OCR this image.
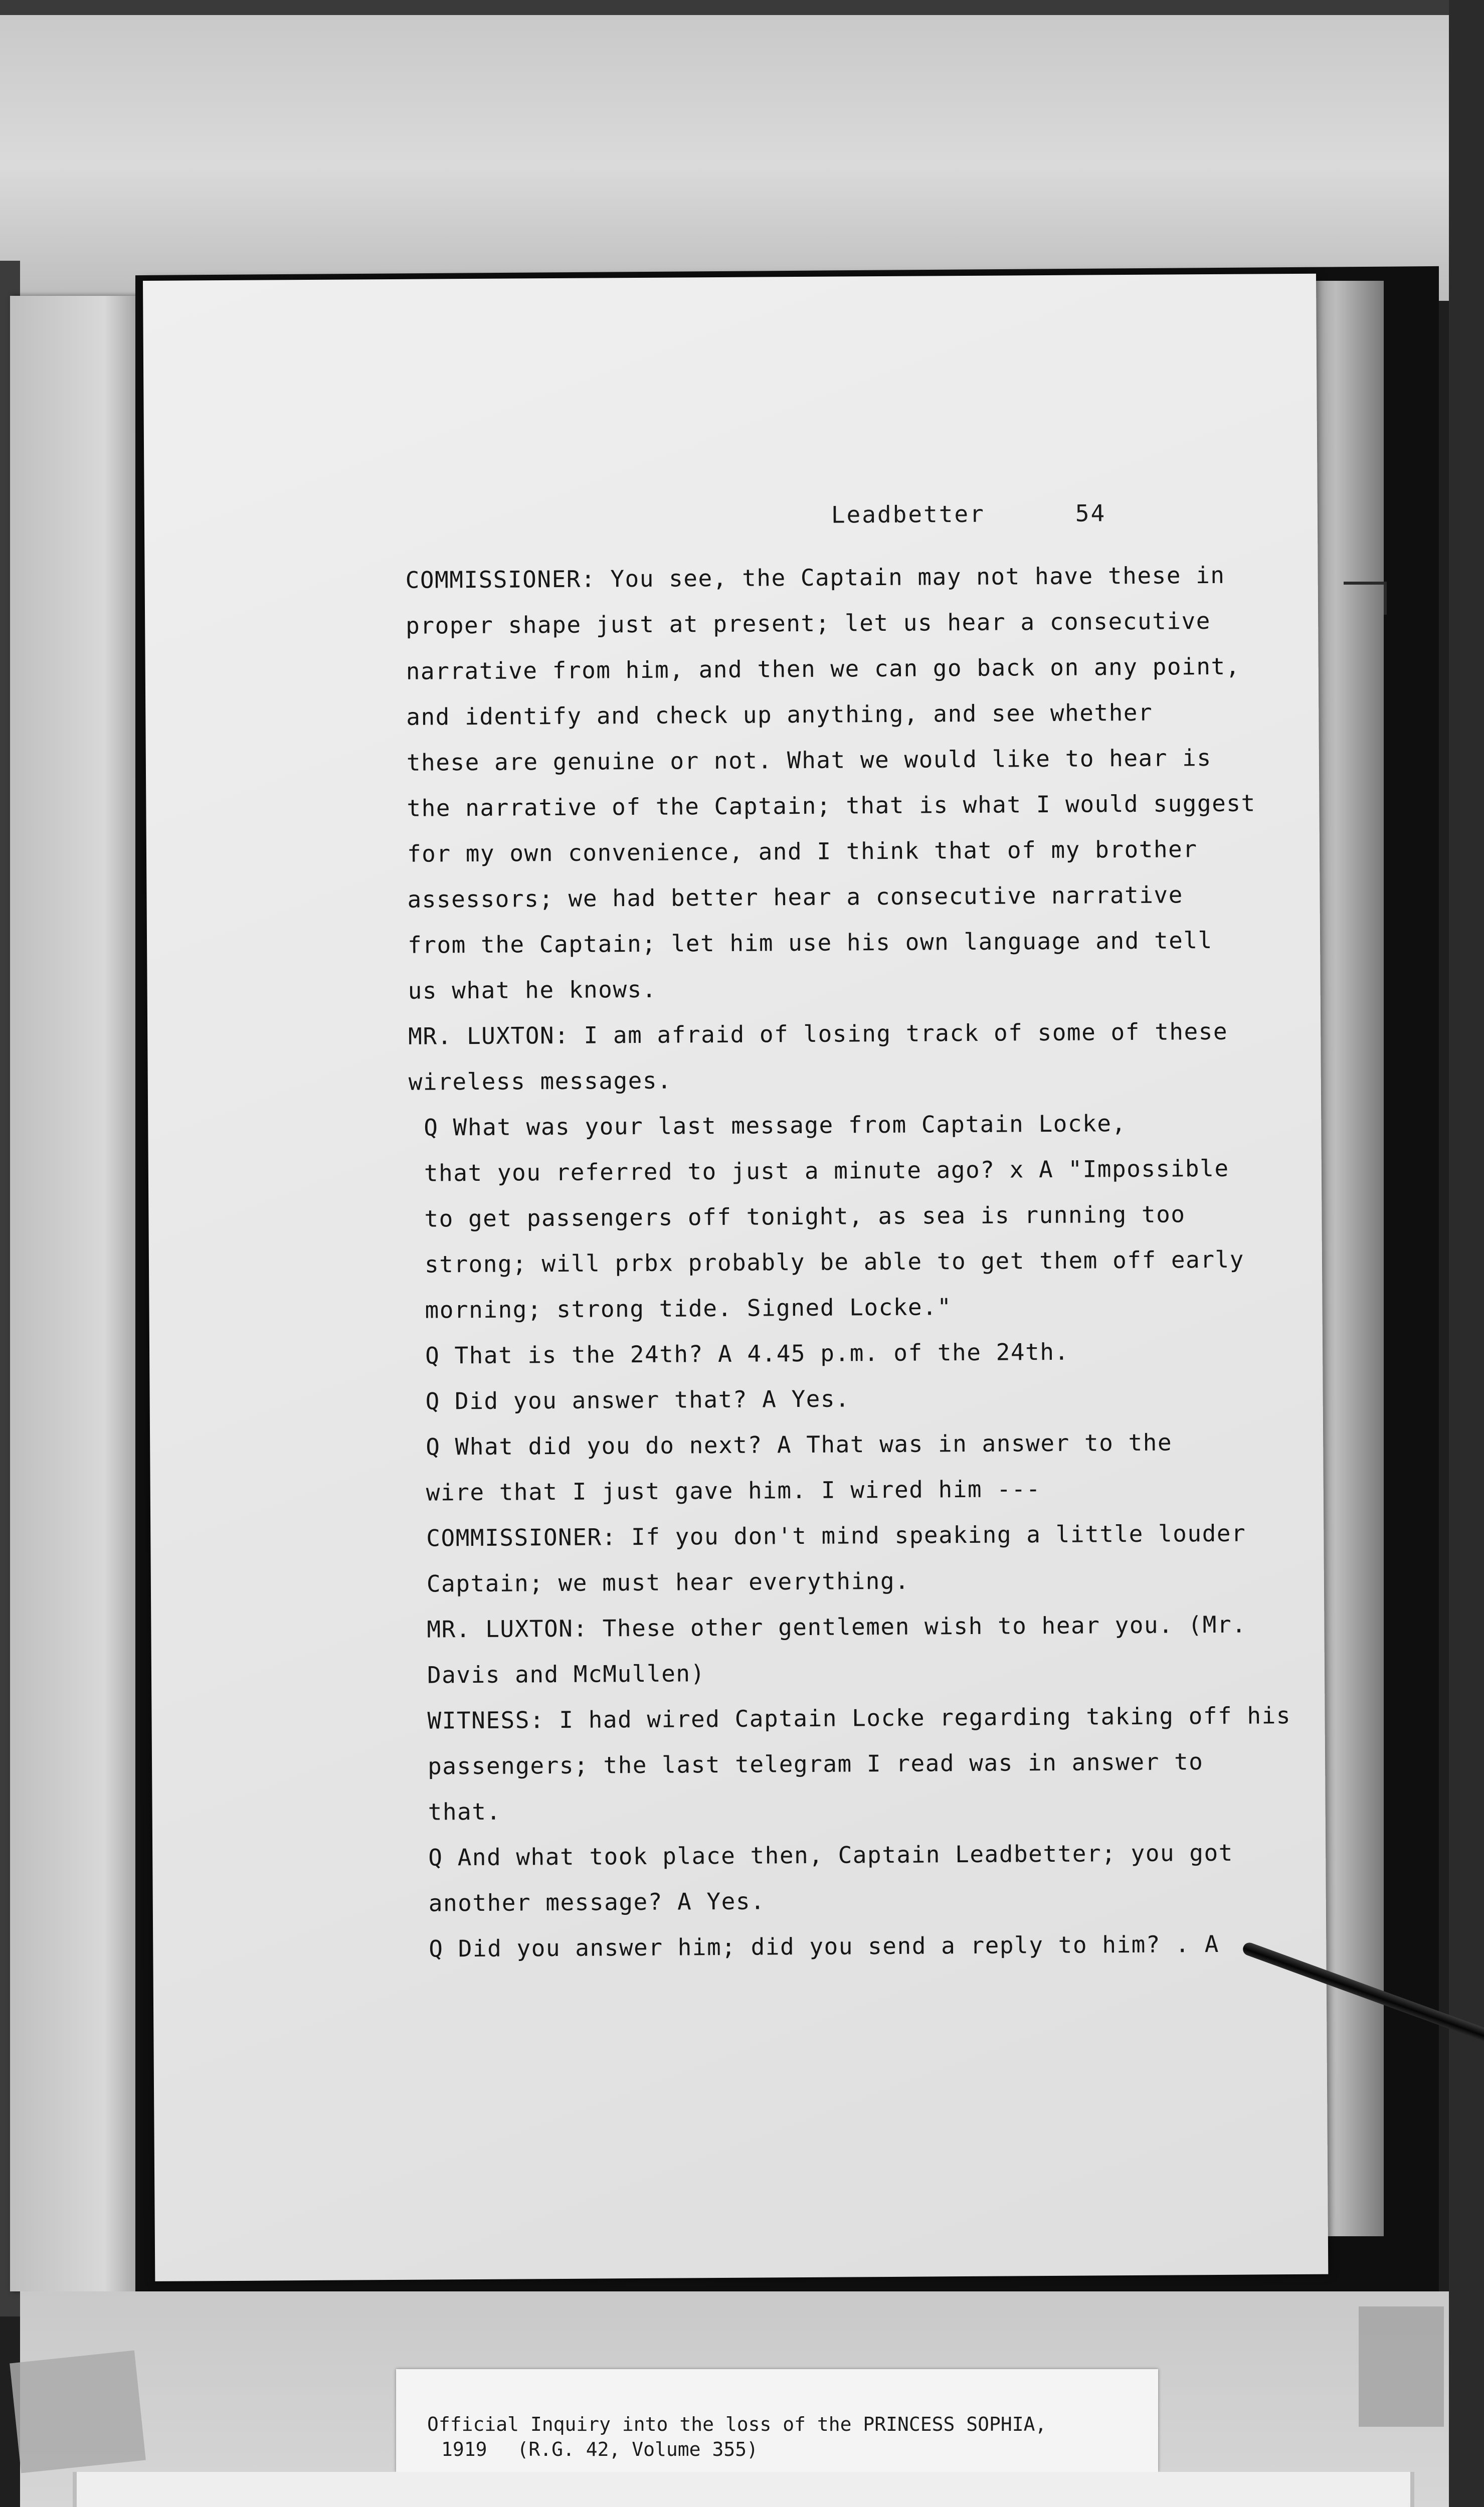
Leadbetter	54
COMMISSIONER: You see, the Captain may not have these in
proper shape just at present; let us hear a consecutive
narrative from him, and then we can go back on any point,
and identify and check up anything, and see whether
these are genuine or not. What we would like to hear is
the narrative of the Captain; that is what I would suggest
for my own convenience, and I think that of my brother
assessors; we had better hear a consecutive narrative
from the Captain; let him use his own language and tell
us what he knows.
MR. LUXTON: I am afraid of losing track of some of these
wireless messages.
Q What was your last message from Captain Locke,
that you referred to just a minute ago? x A "Impossible
to get passengers off tonight, as sea is running too
strong; will prbx probably be able to get them off early
morning; strong tide. Signed Locke."
Q That is the 24th? A 4.45 p.m. of the 24th.
Q Did you answer that? A Yes.
Q What did you do next? A That was in answer to the
wire that I just gave him. I wired him ---
COMMISSIONER: If you don't mind speaking a little louder
Captain; we must hear everything.
MR. LUXTON: These other gentlemen wish to hear you. (Mr.
Davis and McMullen)
WITNESS: I had wired Captain Locke regarding taking off his
passengers; the last telegram I read was in answer to
that.
Q And what took place then, Captain Leadbetter; you got
another message? A Yes.
Q Did you answer him; did you send a reply to him? . A
Official Inquiry into the loss of the PRINCESS SOPHIA,
1919 (R.G. 42, Volume 355)
